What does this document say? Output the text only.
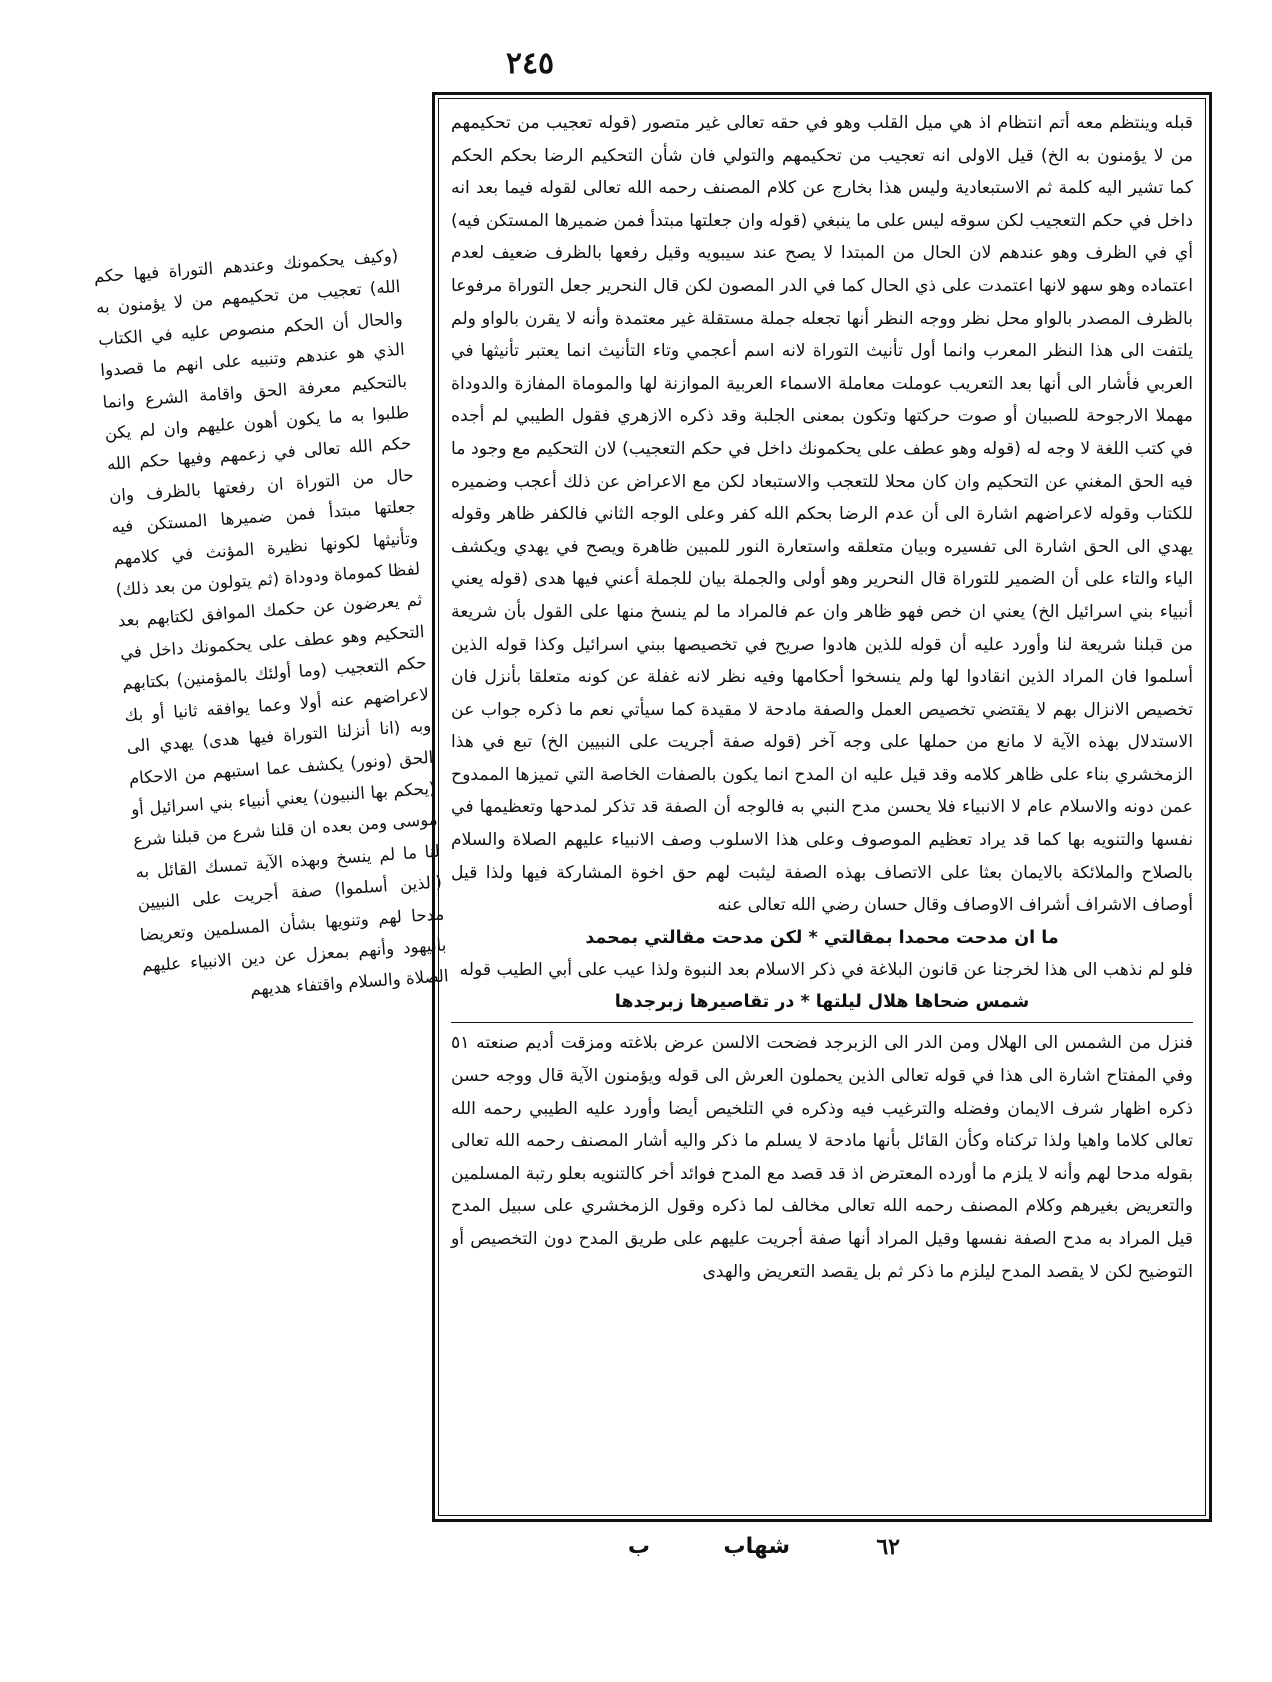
٢٤٥

قبله وينتظم معه أتم انتظام اذ هي ميل القلب وهو في حقه تعالى غير متصور (قوله تعجيب من تحكيمهم من لا يؤمنون به الخ) قيل الاولى انه تعجيب من تحكيمهم والتولي فان شأن التحكيم الرضا بحكم الحكم كما تشير اليه كلمة ثم الاستبعادية وليس هذا بخارج عن كلام المصنف رحمه الله تعالى لقوله فيما بعد انه داخل في حكم التعجيب لكن سوقه ليس على ما ينبغي (قوله وان جعلتها مبتدأ فمن ضميرها المستكن فيه) أي في الظرف وهو عندهم لان الحال من المبتدا لا يصح عند سيبويه وقيل رفعها بالظرف ضعيف لعدم اعتماده وهو سهو لانها اعتمدت على ذي الحال كما في الدر المصون لكن قال النحرير جعل التوراة مرفوعا بالظرف المصدر بالواو محل نظر ووجه النظر أنها تجعله جملة مستقلة غير معتمدة وأنه لا يقرن بالواو ولم يلتفت الى هذا النظر المعرب وانما أول تأنيث التوراة لانه اسم أعجمي وتاء التأنيث انما يعتبر تأنيثها في العربي فأشار الى أنها بعد التعريب عوملت معاملة الاسماء العربية الموازنة لها والموماة المفازة والدوداة مهملا الارجوحة للصبيان أو صوت حركتها وتكون بمعنى الجلبة وقد ذكره الازهري فقول الطيبي لم أجده في كتب اللغة لا وجه له (قوله وهو عطف على يحكمونك داخل في حكم التعجيب) لان التحكيم مع وجود ما فيه الحق المغني عن التحكيم وان كان محلا للتعجب والاستبعاد لكن مع الاعراض عن ذلك أعجب وضميره للكتاب وقوله لاعراضهم اشارة الى أن عدم الرضا بحكم الله كفر وعلى الوجه الثاني فالكفر ظاهر وقوله يهدي الى الحق اشارة الى تفسيره وبيان متعلقه واستعارة النور للمبين ظاهرة ويصح في يهدي ويكشف الياء والتاء على أن الضمير للتوراة قال النحرير وهو أولى والجملة بيان للجملة أعني فيها هدى (قوله يعني أنبياء بني اسرائيل الخ) يعني ان خص فهو ظاهر وان عم فالمراد ما لم ينسخ منها على القول بأن شريعة من قبلنا شريعة لنا وأورد عليه أن قوله للذين هادوا صريح في تخصيصها ببني اسرائيل وكذا قوله الذين أسلموا فان المراد الذين انقادوا لها ولم ينسخوا أحكامها وفيه نظر لانه غفلة عن كونه متعلقا بأنزل فان تخصيص الانزال بهم لا يقتضي تخصيص العمل والصفة مادحة لا مقيدة كما سيأتي نعم ما ذكره جواب عن الاستدلال بهذه الآية لا مانع من حملها على وجه آخر (قوله صفة أجريت على النبيين الخ) تبع في هذا الزمخشري بناء على ظاهر كلامه وقد قيل عليه ان المدح انما يكون بالصفات الخاصة التي تميزها الممدوح عمن دونه والاسلام عام لا الانبياء فلا يحسن مدح النبي به فالوجه أن الصفة قد تذكر لمدحها وتعظيمها في نفسها والتنويه بها كما قد يراد تعظيم الموصوف وعلى هذا الاسلوب وصف الانبياء عليهم الصلاة والسلام بالصلاح والملائكة بالايمان بعثا على الاتصاف بهذه الصفة ليثبت لهم حق اخوة المشاركة فيها ولذا قيل أوصاف الاشراف أشراف الاوصاف وقال حسان رضي الله تعالى عنه

ما ان مدحت محمدا بمقالتي * لكن مدحت مقالتي بمحمد

فلو لم نذهب الى هذا لخرجنا عن قانون البلاغة في ذكر الاسلام بعد النبوة ولذا عيب على أبي الطيب قوله

شمس ضحاها هلال ليلتها * در تقاصيرها زبرجدها

فنزل من الشمس الى الهلال ومن الدر الى الزبرجد فضحت الالسن عرض بلاغته ومزقت أديم صنعته ٥١ وفي المفتاح اشارة الى هذا في قوله تعالى الذين يحملون العرش الى قوله ويؤمنون الآية قال ووجه حسن ذكره اظهار شرف الايمان وفضله والترغيب فيه وذكره في التلخيص أيضا وأورد عليه الطيبي رحمه الله تعالى كلاما واهيا ولذا تركناه وكأن القائل بأنها مادحة لا يسلم ما ذكر واليه أشار المصنف رحمه الله تعالى بقوله مدحا لهم وأنه لا يلزم ما أورده المعترض اذ قد قصد مع المدح فوائد أخر كالتنويه بعلو رتبة المسلمين والتعريض بغيرهم وكلام المصنف رحمه الله تعالى مخالف لما ذكره وقول الزمخشري على سبيل المدح قيل المراد به مدح الصفة نفسها وقيل المراد أنها صفة أجريت عليهم على طريق المدح دون التخصيص أو التوضيح لكن لا يقصد المدح ليلزم ما ذكر ثم بل يقصد التعريض والهدى

(وكيف يحكمونك وعندهم التوراة فيها حكم الله) تعجيب من تحكيمهم من لا يؤمنون به والحال أن الحكم منصوص عليه في الكتاب الذي هو عندهم وتنبيه على انهم ما قصدوا بالتحكيم معرفة الحق واقامة الشرع وانما طلبوا به ما يكون أهون عليهم وان لم يكن حكم الله تعالى في زعمهم وفيها حكم الله حال من التوراة ان رفعتها بالظرف وان جعلتها مبتدأ فمن ضميرها المستكن فيه وتأنيثها لكونها نظيرة المؤنث في كلامهم لفظا كموماة ودوداة (ثم يتولون من بعد ذلك) ثم يعرضون عن حكمك الموافق لكتابهم بعد التحكيم وهو عطف على يحكمونك داخل في حكم التعجيب (وما أولئك بالمؤمنين) بكتابهم لاعراضهم عنه أولا وعما يوافقه ثانيا أو بك وبه (انا أنزلنا التوراة فيها هدى) يهدي الى الحق (ونور) يكشف عما استبهم من الاحكام (يحكم بها النبيون) يعني أنبياء بني اسرائيل أو موسى ومن بعده ان قلنا شرع من قبلنا شرع لنا ما لم ينسخ وبهذه الآية تمسك القائل به (الذين أسلموا) صفة أجريت على النبيين مدحا لهم وتنويها بشأن المسلمين وتعريضا باليهود وأنهم بمعزل عن دين الانبياء عليهم الصلاة والسلام واقتفاء هديهم
٦٢
شهاب
ب
